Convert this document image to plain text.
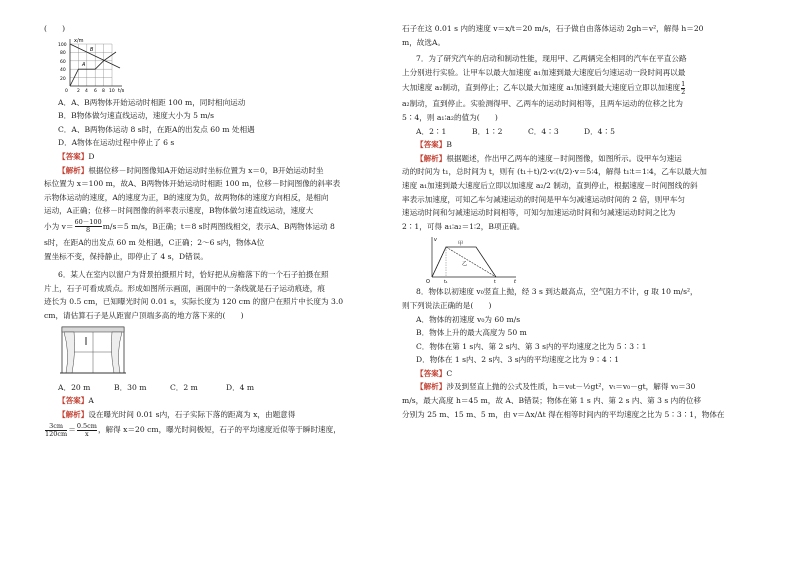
(　　)

x/m
t/s
100
80
60
40
20
0 2 4 6 8 10
A
B

A．A、B两物体开始运动时相距 100 m，同时相向运动

B．B物体做匀速直线运动，速度大小为 5 m/s

C．A、B两物体运动 8 s时，在距A的出发点 60 m 处相遇

D．A物体在运动过程中停止了 6 s

【答案】D

【解析】根据位移－时间图像知A开始运动时坐标位置为 x＝0，B开始运动时坐

标位置为 x＝100 m，故A、B两物体开始运动时相距 100 m，位移－时间图像的斜率表

示物体运动的速度，A的速度为正，B的速度为负，故两物体的速度方向相反，是相向

运动，A正确；位移－时间图像的斜率表示速度，B物体做匀速直线运动，速度大

小为 $v= \frac{60-100}{8} m/s=5$ m/s，B正确；t＝8 s时两图线相交，表示A、B两物体运动 8

s时，在距A的出发点 60 m 处相遇，C正确；2～6 s内，物体A位

置坐标不变，保持静止，即停止了 4 s，D错误。

6．某人在室内以窗户为背景拍摄照片时，恰好把从房檐落下的一个石子拍摄在照

片上，石子可看成质点。形成如图所示画面，画面中的一条线就是石子运动痕迹，痕

迹长为 0.5 cm，已知曝光时间 0.01 s，实际长度为 120 cm 的窗户在照片中长度为 3.0

cm，请估算石子是从距窗户顶端多高的地方落下来的(　　)

A．20 m	B．30 m	C．2 m	D．4 m

【答案】A

【解析】设在曝光时间 0.01 s内，石子实际下落的距离为 x，由题意得

$\frac{3cm}{120cm} = \frac{0.5cm}{x}$ ，解得 x＝20 cm，曝光时间极短，石子的平均速度近似等于瞬时速度，

石子在这 0.01 s 内的速度 v＝x/t＝20 m/s，石子做自由落体运动 2gh＝v²，解得 h＝20

m，故选A。

7．为了研究汽车的启动和制动性能，现用甲、乙两辆完全相同的汽车在平直公路

上分别进行实验。让甲车以最大加速度 a₁加速到最大速度后匀速运动一段时间再以最

大加速度 a₂制动，直到停止；乙车以最大加速度 a₁加速到最大速度后立即以加速度 $\frac{1}{2}$

a₂制动，直到停止。实验测得甲、乙两车的运动时间相等，且两车运动的位移之比为

5∶4，则 a₁∶a₂的值为(　　)

A．2∶1	B．1∶2	C．4∶3	D．4∶5

【答案】B

【解析】根据题述，作出甲乙两车的速度－时间图像，如图所示。设甲车匀速运

动的时间为 t₁，总时间为 t，则有 (t₁＋t)/2·v∶(t/2)·v＝5∶4，解得 t₁∶t＝1∶4，乙车以最大加

速度 a₁加速到最大速度后立即以加速度 a₂/2 制动，直到停止，根据速度－时间图线的斜

率表示加速度，可知乙车匀减速运动的时间是甲车匀减速运动时间的 2 倍，则甲车匀

速运动时间和匀减速运动时间相等，可知匀加速运动时间和匀减速运动时间之比为

2∶1，可得 a₁∶a₂＝1∶2，B项正确。

v
t
O	t₁	t
甲
乙

8．物体以初速度 v₀竖直上抛，经 3 s 到达最高点，空气阻力不计，g 取 10 m/s²，

则下列说法正确的是(　　)

A．物体的初速度 v₀为 60 m/s

B．物体上升的最大高度为 50 m

C．物体在第 1 s内、第 2 s内、第 3 s内的平均速度之比为 5∶3∶1

D．物体在 1 s内、2 s内、3 s内的平均速度之比为 9∶4∶1

【答案】C

【解析】涉及到竖直上抛的公式及性质，h＝v₀t－½gt²，vₜ＝v₀－gt，解得 v₀＝30

m/s，最大高度 h＝45 m，故 A、B错误；物体在第 1 s 内、第 2 s 内、第 3 s 内的位移

分别为 25 m、15 m、5 m，由 v＝Δx/Δt 得在相等时间内的平均速度之比为 5∶3∶1，物体在
